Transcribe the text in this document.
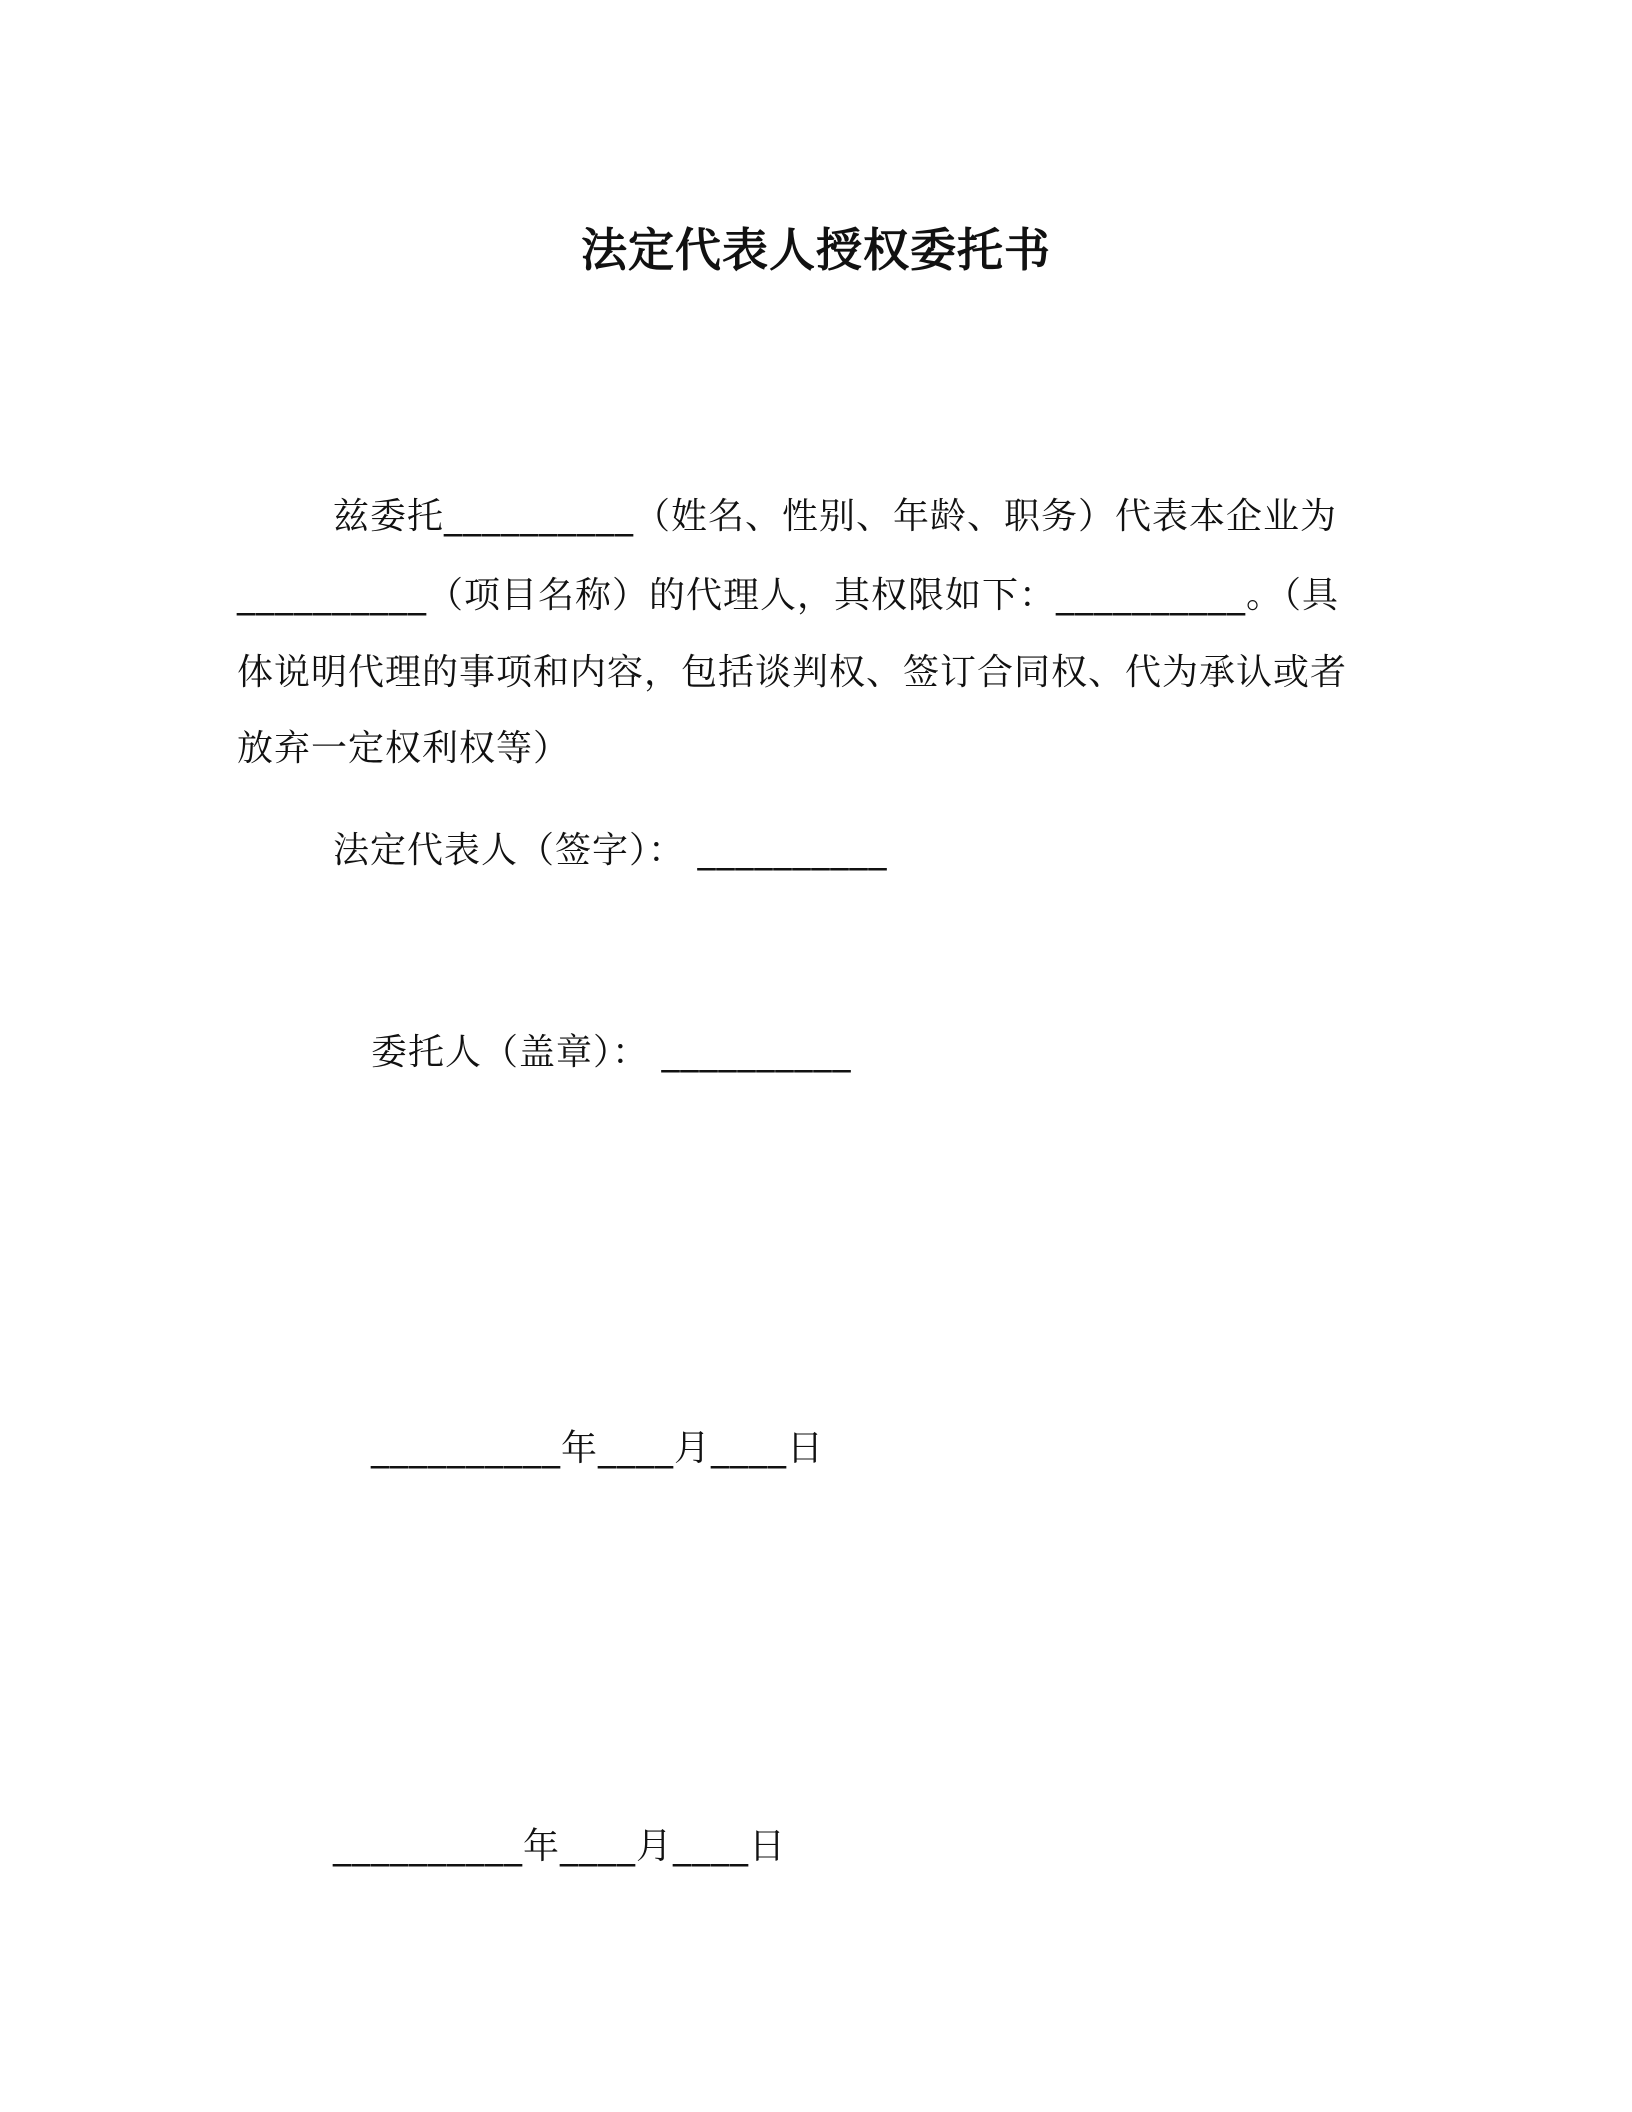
法定代表人授权委托书
兹委托__________（姓名、性别、年龄、职务）代表本企业为
__________（项目名称）的代理人，其权限如下：__________。（具
体说明代理的事项和内容，包括谈判权、签订合同权、代为承认或者
放弃一定权利权等）
法定代表人（签字）： __________
委托人（盖章）： __________
__________年____月____日
__________年____月____日
